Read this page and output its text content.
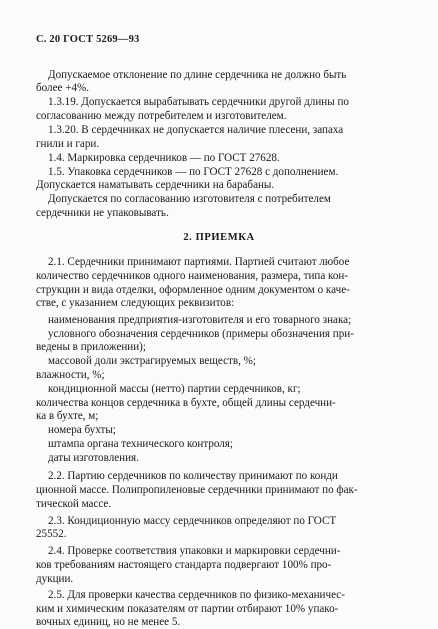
С. 20 ГОСТ 5269—93
Допускаемое отклонение по длине сердечника не должно быть
более +4%.
1.3.19. Допускается вырабатывать сердечники другой длины по
согласованию между потребителем и изготовителем.
1.3.20. В сердечниках не допускается наличие плесени, запаха
гнили и гари.
1.4. Маркировка сердечников — по ГОСТ 27628.
1.5. Упаковка сердечников — по ГОСТ 27628 с дополнением.
Допускается наматывать сердечники на барабаны.
Допускается по согласованию изготовителя с потребителем
сердечники не упаковывать.
2. ПРИЕМКА
2.1. Сердечники принимают партиями. Партией считают любое
количество сердечников одного наименования, размера, типа кон-
струкции и вида отделки, оформленное одним документом о каче-
стве, с указанием следующих реквизитов:
наименования предприятия-изготовителя и его товарного знака;
условного обозначения сердечников (примеры обозначения при-
ведены в приложении);
массовой доли экстрагируемых веществ, %;
влажности, %;
кондиционной массы (нетто) партии сердечников, кг;
количества концов сердечника в бухте, общей длины сердечни-
ка в бухте, м;
номера бухты;
штампа органа технического контроля;
даты изготовления.
2.2. Партию сердечников по количеству принимают по конди
ционной массе. Полипропиленовые сердечники принимают по фак-
тической массе.
2.3. Кондиционную массу сердечников определяют по ГОСТ
25552.
2.4. Проверке соответствия упаковки и маркировки сердечни-
ков требованиям настоящего стандарта подвергают 100% про-
дукции.
2.5. Для проверки качества сердечников по физико-механичес-
ким и химическим показателям от партии отбирают 10% упако-
вочных единиц, но не менее 5.
